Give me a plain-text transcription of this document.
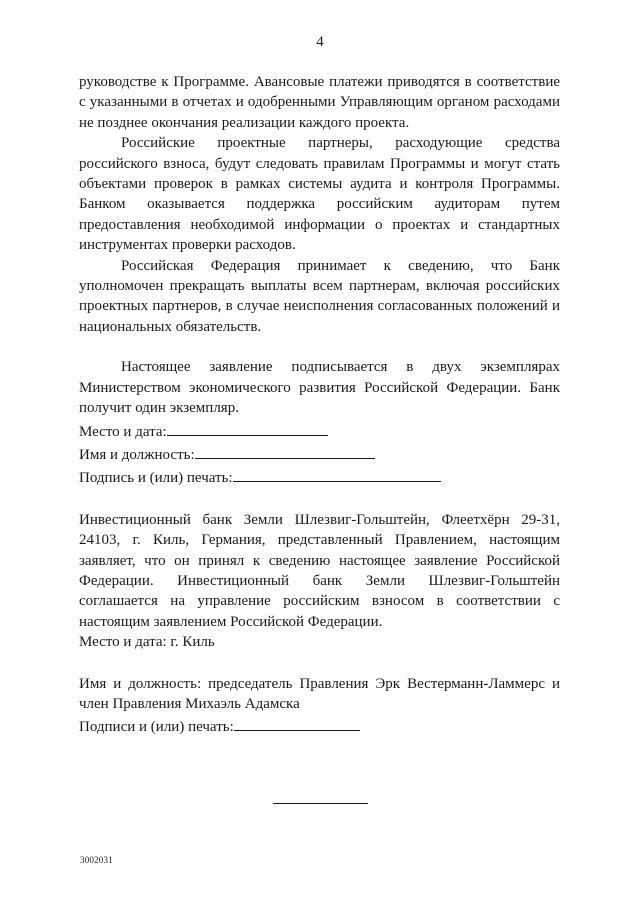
4

руководстве к Программе. Авансовые платежи приводятся в соответствие с указанными в отчетах и одобренными Управляющим органом расходами не позднее окончания реализации каждого проекта.

Российские проектные партнеры, расходующие средства российского взноса, будут следовать правилам Программы и могут стать объектами проверок в рамках системы аудита и контроля Программы. Банком оказывается поддержка российским аудиторам путем предоставления необходимой информации о проектах и стандартных инструментах проверки расходов.

Российская Федерация принимает к сведению, что Банк уполномочен прекращать выплаты всем партнерам, включая российских проектных партнеров, в случае неисполнения согласованных положений и национальных обязательств.

Настоящее заявление подписывается в двух экземплярах Министерством экономического развития Российской Федерации. Банк получит один экземпляр.

Место и дата:

Имя и должность:

Подпись и (или) печать:

Инвестиционный банк Земли Шлезвиг-Гольштейн, Флеетхёрн 29-31, 24103, г. Киль, Германия, представленный Правлением, настоящим заявляет, что он принял к сведению настоящее заявление Российской Федерации. Инвестиционный банк Земли Шлезвиг-Гольштейн соглашается на управление российским взносом в соответствии с настоящим заявлением Российской Федерации.

Место и дата: г. Киль

Имя и должность: председатель Правления Эрк Вестерманн-Ламмерс и член Правления Михаэль Адамска

Подписи и (или) печать:

3002031
